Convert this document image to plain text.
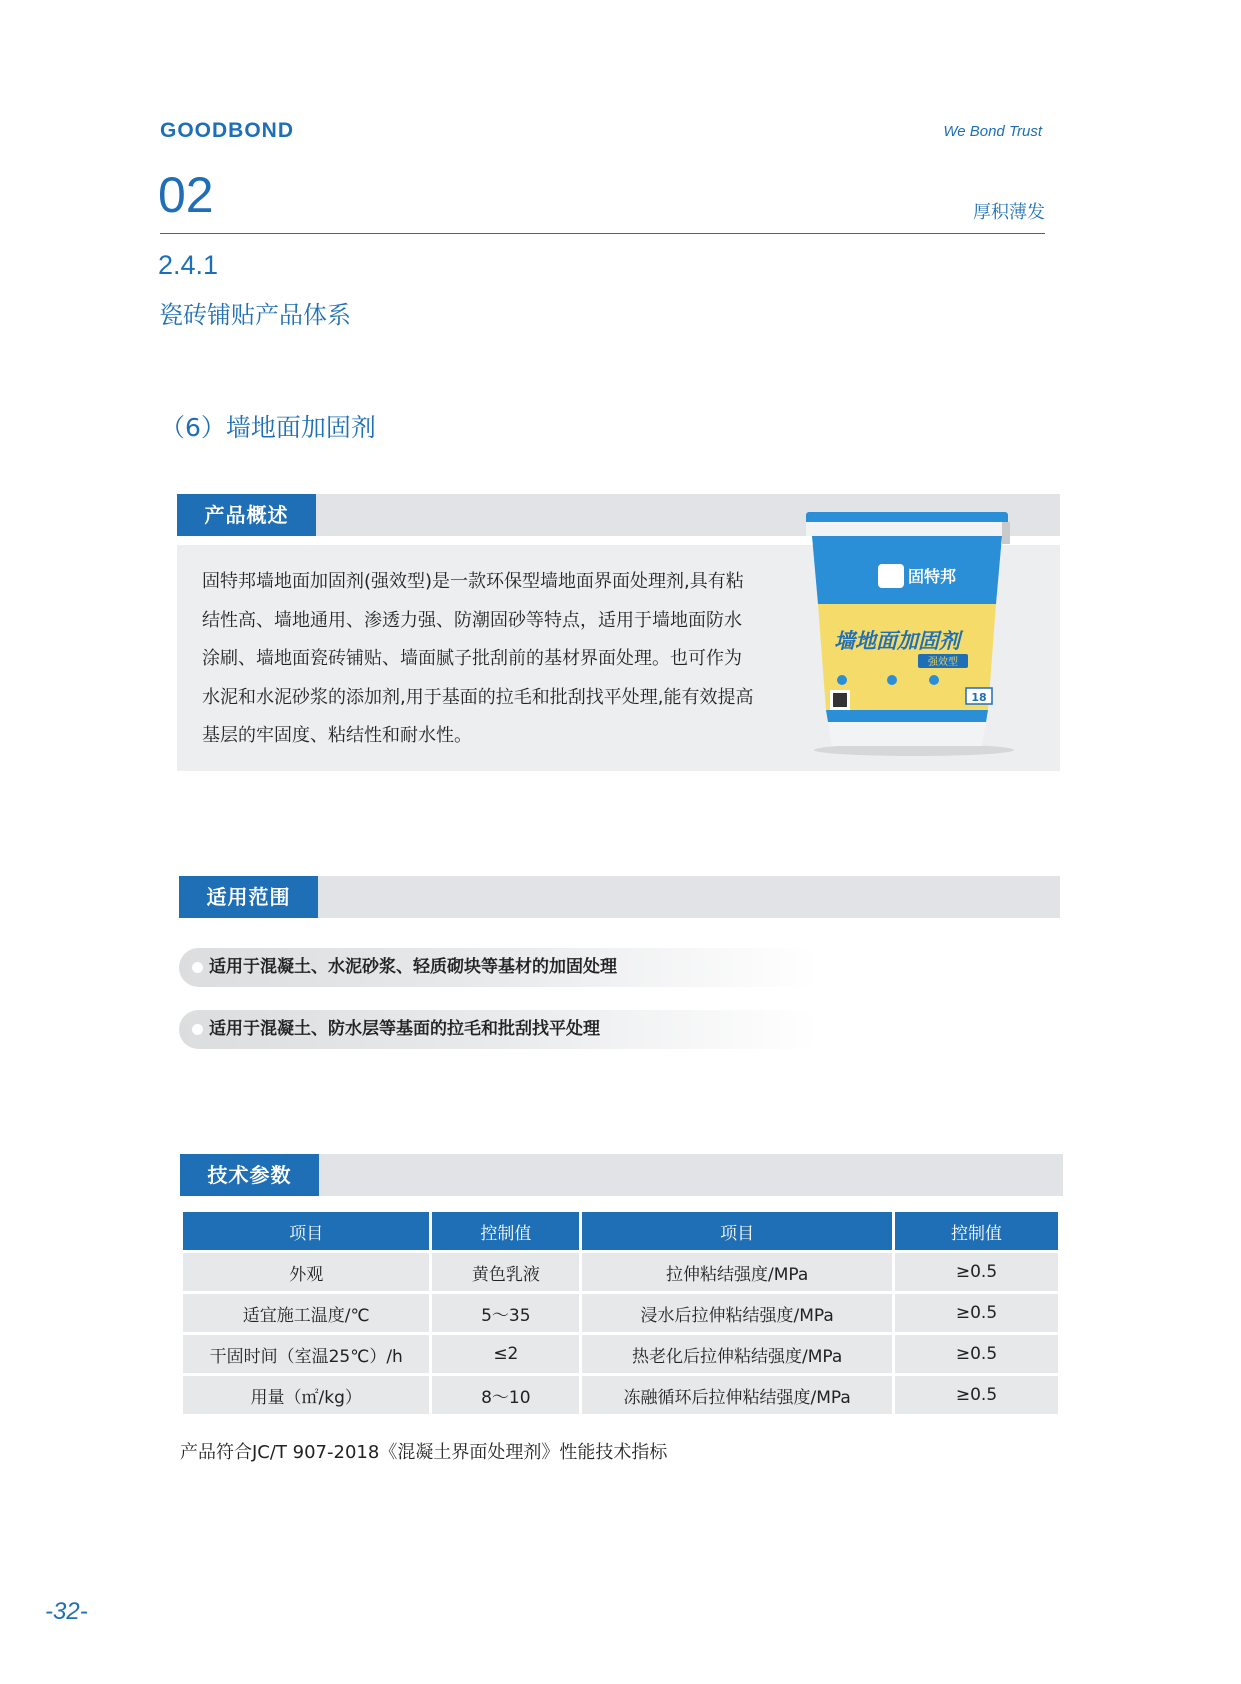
GOODBOND	We Bond Trust
02	厚积薄发
2.4.1
瓷砖铺贴产品体系
（6）墙地面加固剂
产品概述
固特邦墙地面加固剂(强效型)是一款环保型墙地面界面处理剂,具有粘
结性高、墙地通用、渗透力强、防潮固砂等特点，适用于墙地面防水
涂刷、墙地面瓷砖铺贴、墙面腻子批刮前的基材界面处理。也可作为
水泥和水泥砂浆的添加剂,用于基面的拉毛和批刮找平处理,能有效提高
基层的牢固度、粘结性和耐水性。
固特邦
墙地面加固剂
强效型
18
适用范围
适用于混凝土、水泥砂浆、轻质砌块等基材的加固处理
适用于混凝土、防水层等基面的拉毛和批刮找平处理
技术参数
项目	控制值	项目	控制值
外观	黄色乳液	拉伸粘结强度/MPa	≥0.5
适宜施工温度/℃	5～35	浸水后拉伸粘结强度/MPa	≥0.5
干固时间（室温25℃）/h	≤2	热老化后拉伸粘结强度/MPa	≥0.5
用量（㎡/kg）	8～10	冻融循环后拉伸粘结强度/MPa	≥0.5
产品符合JC/T 907-2018《混凝土界面处理剂》性能技术指标
-32-
